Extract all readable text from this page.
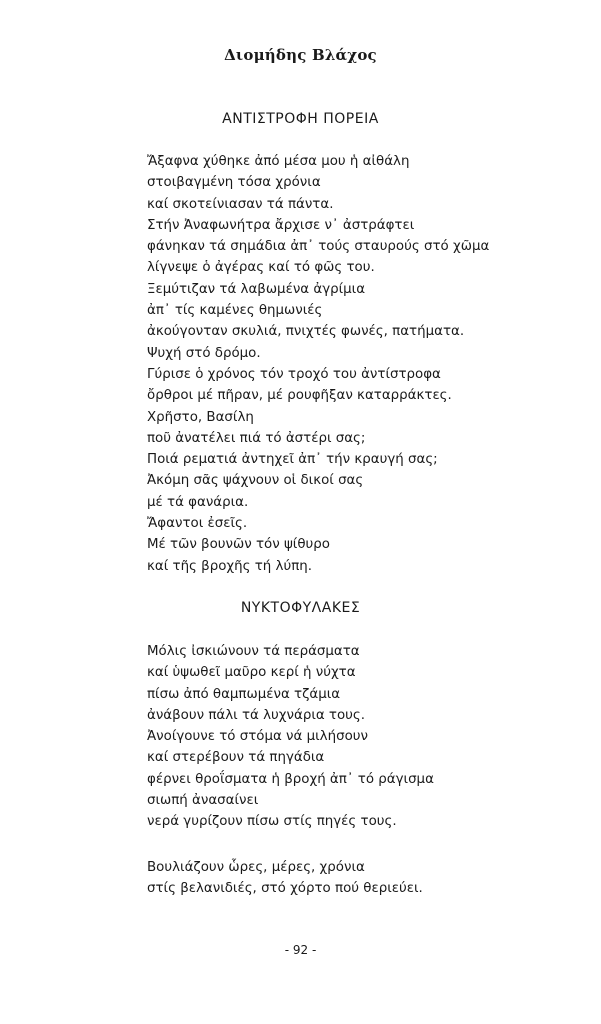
Διομήδης Βλάχος
ΑΝΤΙΣΤΡΟΦΗ ΠΟΡΕΙΑ
Ἄξαφνα χύθηκε ἀπό μέσα μου ἡ αἰθάλη
στοιβαγμένη τόσα χρόνια
καί σκοτείνιασαν τά πάντα.
Στήν Ἀναφωνήτρα ἄρχισε ν᾽ ἀστράφτει
φάνηκαν τά σημάδια ἀπ᾽ τούς σταυρούς στό χῶμα
λίγνεψε ὁ ἀγέρας καί τό φῶς του.
Ξεμύτιζαν τά λαβωμένα ἀγρίμια
ἀπ᾽ τίς καμένες θημωνιές
ἀκούγονταν σκυλιά, πνιχτές φωνές, πατήματα.
Ψυχή στό δρόμο.
Γύρισε ὁ χρόνος τόν τροχό του ἀντίστροφα
ὄρθροι μέ πῆραν, μέ ρουφῆξαν καταρράκτες.
Χρῆστο, Βασίλη
ποῦ ἀνατέλει πιά τό ἀστέρι σας;
Ποιά ρεματιά ἀντηχεῖ ἀπ᾽ τήν κραυγή σας;
Ἀκόμη σᾶς ψάχνουν οἱ δικοί σας
μέ τά φανάρια.
Ἄφαντοι ἐσεῖς.
Μέ τῶν βουνῶν τόν ψίθυρο
καί τῆς βροχῆς τή λύπη.
ΝΥΚΤΟΦΥΛΑΚΕΣ
Μόλις ἰσκιώνουν τά περάσματα
καί ὑψωθεῖ μαῦρο κερί ἡ νύχτα
πίσω ἀπό θαμπωμένα τζάμια
ἀνάβουν πάλι τά λυχνάρια τους.
Ἀνοίγουνε τό στόμα νά μιλήσουν
καί στερέβουν τά πηγάδια
φέρνει θροΐσματα ἡ βροχή ἀπ᾽ τό ράγισμα
σιωπή ἀνασαίνει
νερά γυρίζουν πίσω στίς πηγές τους.
Βουλιάζουν ὧρες, μέρες, χρόνια
στίς βελανιδιές, στό χόρτο πού θεριεύει.
- 92 -
